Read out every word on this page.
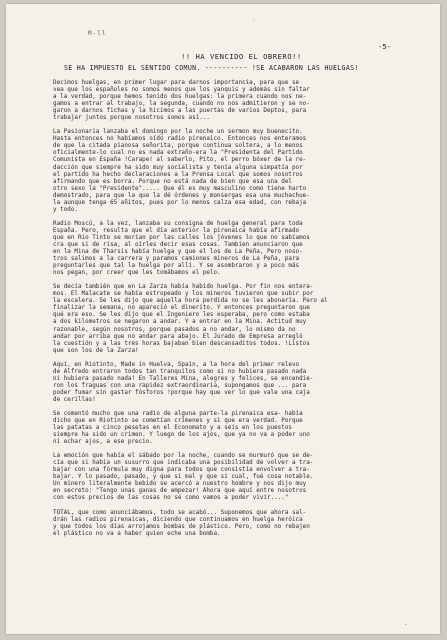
M-ll
-
-5-
!! HA VENCIDO EL OBRERO!!
SE HA IMPUESTO EL SENTIDO COMUN. ---------- !SE ACABARON LAS HUELGAS!
Decimos huelgas, en primer lugar para darnos importancia, para que se
vea que los españoles no somos menos que los yanquis y además sin faltar
a la verdad, porque hemos tenido dos huelgas: la primera cuando nos ne-
gamos a entrar al trabajo, la segunda, cuando no nos admitieron y se no-
garon a darnos fichas y la hicimos a las puertas de varios Deptos, para
trabajar juntos porque nosotros somos así...
La Pasionaria lanzaba el domingo por la noche un sermon muy buenecito.
Hasta entonces no habíamos oído radio pirenaico. Entonces nos enteramos
de que la citada pianosa señorita, porque continua soltera, a lo menos
oficialmente-lo cual no es nada extraño-era la "Presidenta del Partido
Comunista en España !Carape! al saberlo, Pito, el perro bóxer de la re-
dacción que siempre ha sido muy socialista y tenía alguna simpatía por
el partido ha hecho declaraciones a la Prensa Local que somos nosotros
afirmando que es borra. Porque no está nada de bien que esa una del
otro sexo la "Presidente"..... Que él es muy masculino como tiene harto
demostrado, para que la que la dé órdenes y monsergas esa una muchachue-
la aunque tenga 65 añitos, pues por lo menos calza esa edad, con rebaja
y todo.
Radio Moscú, a la vez, lanzaba su consigna de huelga general para toda
España. Pero, resulta que el día anterior la pirenaica había afirmado
que en Rio Tinto se morían por las calles los jóvenes lo que no sabíamos
cra que si de risa, al oírles decir esas cosas. Tambien anunciaron que
en la Mina de Tharsis había huelga y que el los de La Peña, Pero noso-
tros salimos a la carrera y paramos camiones mineros de La Peña, para
preguntarles que tal la huelga por allí. Y se asombraron y a poco más
nos pegan, por creer que les tomábamos el pelo.
Se decía también que en La Zarza había habido huelga. Por fin nos entera-
mos. El Malacate se había estropeado y los mineros tuvieron que subir por
la escalera. Se les dijo que aquella hora perdida no se les abonaría. Pero al
finalizar la semana, no apareció el dinerito. Y entonces preguntaron que
qué era eso. Se les dijo que el Ingeniero les esperaba, pero como estaba
a dos kilometros se negaron a andar. Y a entrar en la Mina. Actitud muy
razonable, según nosotros, porque pasados a no andar, lo mismo da no
andar por arriba que no andar para abajo. El Jurado de Empresa arregló
la cuestión y a las tres horas bajaban bien descansaditos todos. !Listos
que son los de la Zarza!
Aquí, en Riotinto, Made in Huelva, Spain, a la hora del primer relevo
de Alfredo entraron todos tan tranquilos como si no hubiera pasado nada
ni hubiera pasado nada! En Talleres Mina, alegres y felices, se encendie-
ron los fraguas con una rapidez extraordinaria, supongamos que ... para
poder fumar sin gastar fósforos !porque hay que ver lo que vale una caja
de cerillas!
Se comentó mucho que una radio de alguna parte-la pirenaica esa- había
dicho que en Riotinto se cometían crímenes y si que era verdad. Porque
las patatas a cinco pesetas en el Economato y a seis en los puestos
siempre ha sido un crimen. Y luego de los ajos, que ya no va a poder uno
ni echar ajos, a ese precio.
La emoción que había el sábado por la noche, cuando se murmuró que se de-
cía que si había un susurro que indicaba una posibilidad de volver a tra-
bajar con una fórmula muy digna para todos que consistía envolver a tra-
bajar. Y lo pasado, pasado, y que si mal y que si cual, fué cosa notable.
Un minero literalmente bebido se acercó a nuestro hombre y nos dijo muy
en secreto: "Tengo unas ganas de empezar! Ahora que aquí entre nosotros
con estos precios de las cosas no sé como vamos a poder vivir...."
TOTAL, que como anunciábamos, todo se acabó... Suponemos que ahora sal-
drán las radios pirenaicas, diciendo que continuamos en huelga heróica
y que todos los días arrojamos bombas de plástico. Pero, como no rebajen
el plástico no va a haber quien eche una bomba.
-
